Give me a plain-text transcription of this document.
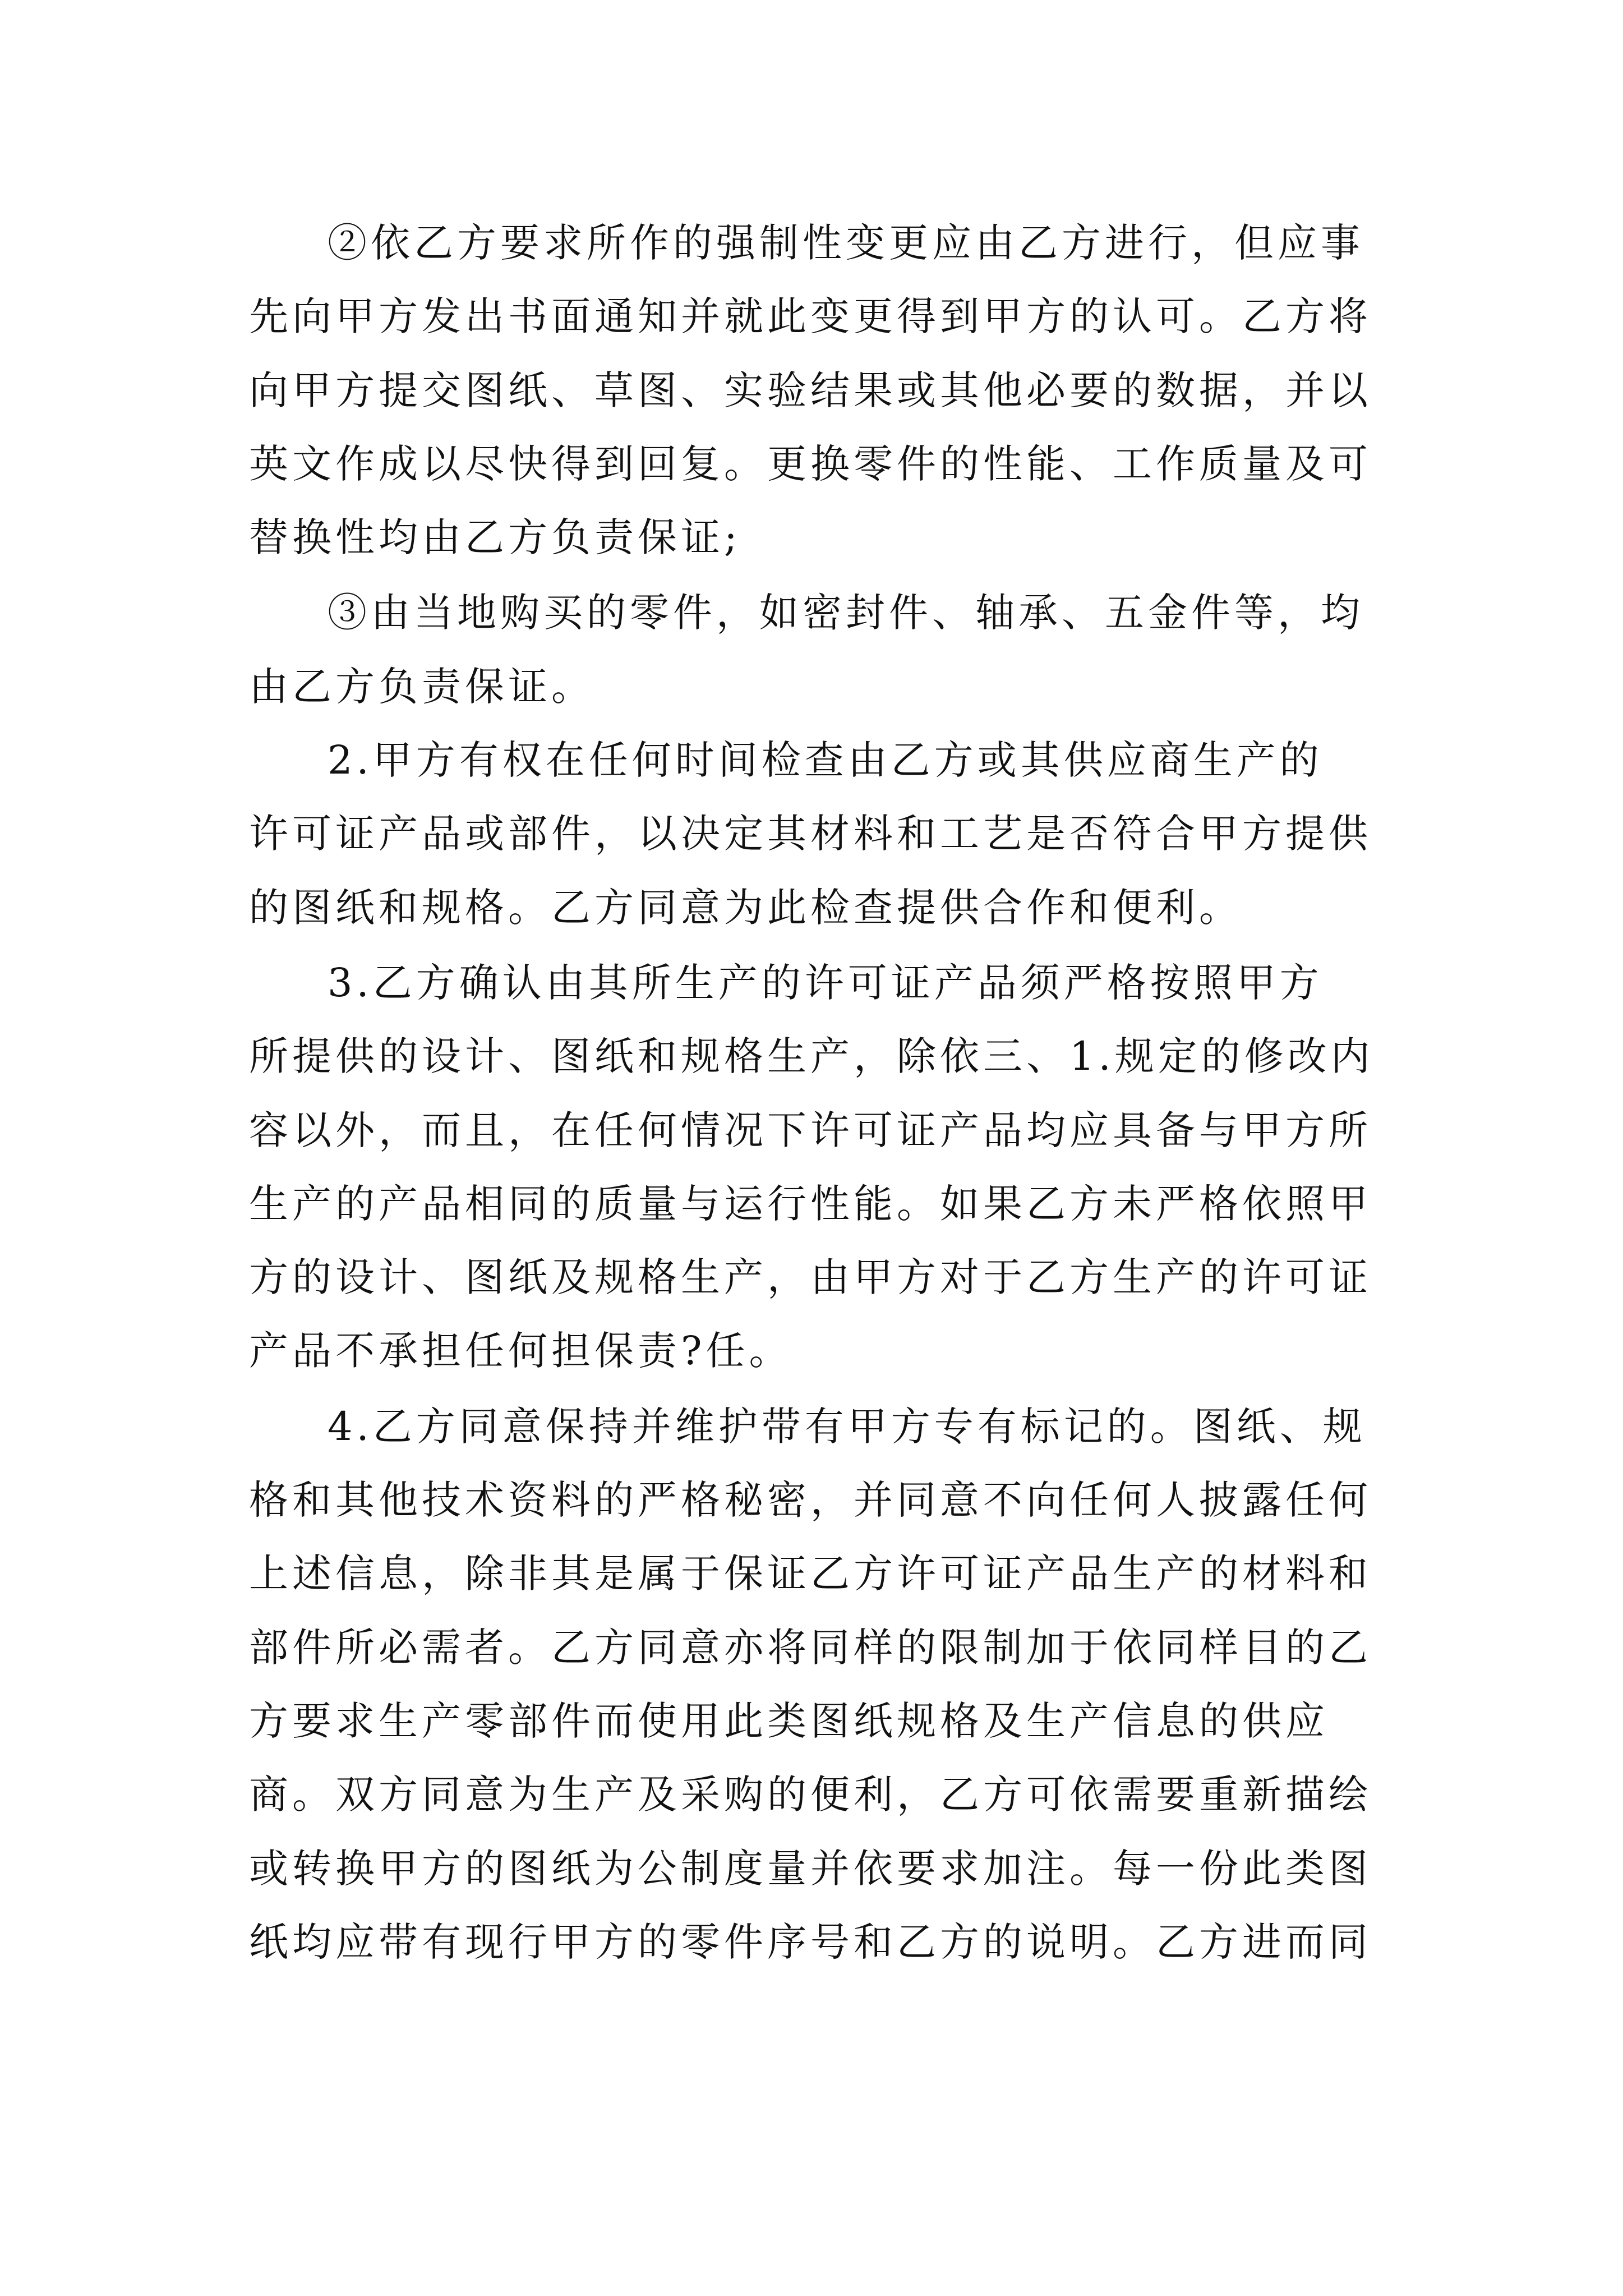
②依乙方要求所作的强制性变更应由乙方进行，但应事
先向甲方发出书面通知并就此变更得到甲方的认可。乙方将
向甲方提交图纸、草图、实验结果或其他必要的数据，并以
英文作成以尽快得到回复。更换零件的性能、工作质量及可
替换性均由乙方负责保证;
③由当地购买的零件，如密封件、轴承、五金件等，均
由乙方负责保证。
2.甲方有权在任何时间检查由乙方或其供应商生产的
许可证产品或部件，以决定其材料和工艺是否符合甲方提供
的图纸和规格。乙方同意为此检查提供合作和便利。
3.乙方确认由其所生产的许可证产品须严格按照甲方
所提供的设计、图纸和规格生产，除依三、1.规定的修改内
容以外，而且，在任何情况下许可证产品均应具备与甲方所
生产的产品相同的质量与运行性能。如果乙方未严格依照甲
方的设计、图纸及规格生产，由甲方对于乙方生产的许可证
产品不承担任何担保责?任。
4.乙方同意保持并维护带有甲方专有标记的。图纸、规
格和其他技术资料的严格秘密，并同意不向任何人披露任何
上述信息，除非其是属于保证乙方许可证产品生产的材料和
部件所必需者。乙方同意亦将同样的限制加于依同样目的乙
方要求生产零部件而使用此类图纸规格及生产信息的供应
商。双方同意为生产及采购的便利，乙方可依需要重新描绘
或转换甲方的图纸为公制度量并依要求加注。每一份此类图
纸均应带有现行甲方的零件序号和乙方的说明。乙方进而同
